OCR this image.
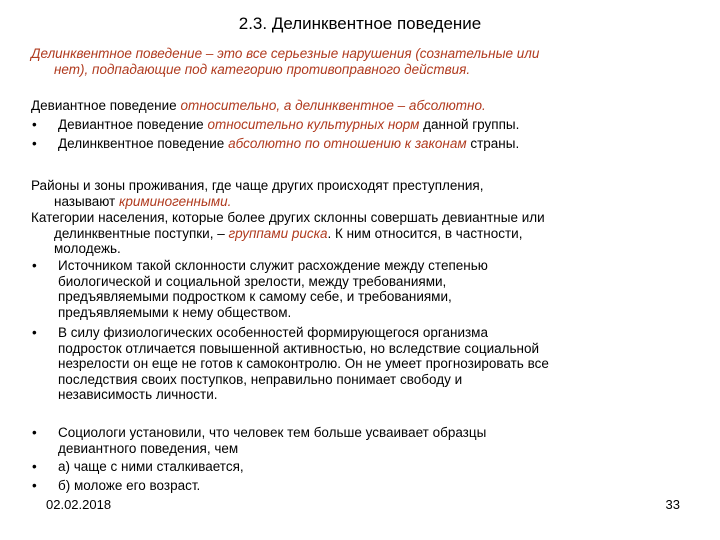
2.3. Делинквентное поведение
Делинквентное поведение – это все серьезные нарушения (сознательные или
нет), подпадающие под категорию противоправного действия.
Девиантное поведение относительно, а делинквентное – абсолютно.
•	Девиантное поведение относительно культурных норм данной группы.
•	Делинквентное поведение абсолютно по отношению к законам страны.
Районы и зоны проживания, где чаще других происходят преступления,
называют криминогенными.
Категории населения, которые более других склонны совершать девиантные или
делинквентные поступки, – группами риска. К ним относится, в частности,
молодежь.
•	Источником такой склонности служит расхождение между степенью
биологической и социальной зрелости, между требованиями,
предъявляемыми подростком к самому себе, и требованиями,
предъявляемыми к нему обществом.
•	В силу физиологических особенностей формирующегося организма
подросток отличается повышенной активностью, но вследствие социальной
незрелости он еще не готов к самоконтролю. Он не умеет прогнозировать все
последствия своих поступков, неправильно понимает свободу и
независимость личности.
•	Социологи установили, что человек тем больше усваивает образцы
девиантного поведения, чем
•	а) чаще с ними сталкивается,
•	б) моложе его возраст.
02.02.2018	33
